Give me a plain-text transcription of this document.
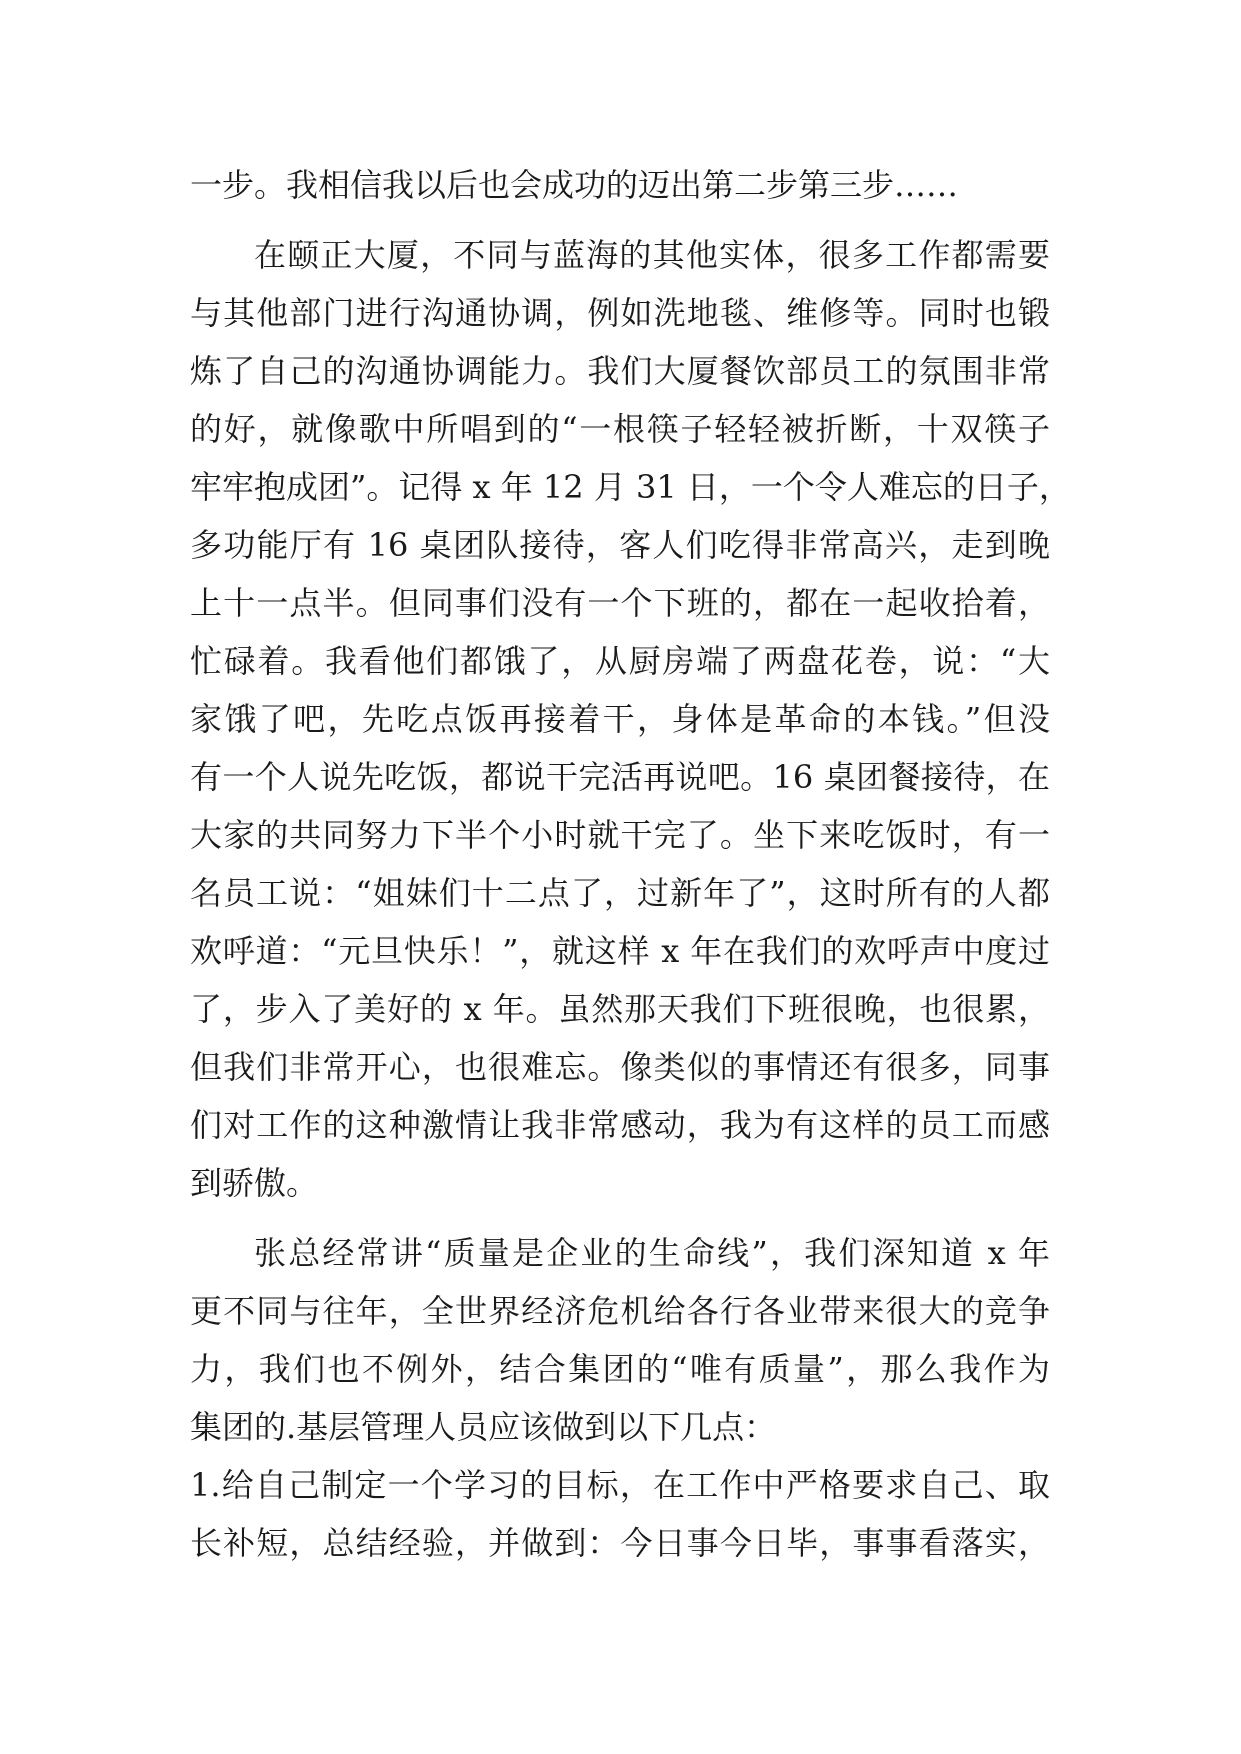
一步。我相信我以后也会成功的迈出第二步第三步……
在颐正大厦，不同与蓝海的其他实体，很多工作都需要
与其他部门进行沟通协调，例如洗地毯、维修等。同时也锻
炼了自己的沟通协调能力。我们大厦餐饮部员工的氛围非常
的好，就像歌中所唱到的“一根筷子轻轻被折断，十双筷子
牢牢抱成团”。记得 x 年 12 月 31 日，一个令人难忘的日子，
多功能厅有 16 桌团队接待，客人们吃得非常高兴，走到晚
上十一点半。但同事们没有一个下班的，都在一起收拾着，
忙碌着。我看他们都饿了，从厨房端了两盘花卷，说：“大
家饿了吧，先吃点饭再接着干，身体是革命的本钱。”但没
有一个人说先吃饭，都说干完活再说吧。16 桌团餐接待，在
大家的共同努力下半个小时就干完了。坐下来吃饭时，有一
名员工说：“姐妹们十二点了，过新年了”，这时所有的人都
欢呼道：“元旦快乐！”，就这样 x 年在我们的欢呼声中度过
了，步入了美好的 x 年。虽然那天我们下班很晚，也很累，
但我们非常开心，也很难忘。像类似的事情还有很多，同事
们对工作的这种激情让我非常感动，我为有这样的员工而感
到骄傲。
张总经常讲“质量是企业的生命线”，我们深知道 x 年
更不同与往年，全世界经济危机给各行各业带来很大的竞争
力，我们也不例外，结合集团的“唯有质量”，那么我作为
集团的.基层管理人员应该做到以下几点：
1.给自己制定一个学习的目标，在工作中严格要求自己、取
长补短，总结经验，并做到：今日事今日毕，事事看落实，
